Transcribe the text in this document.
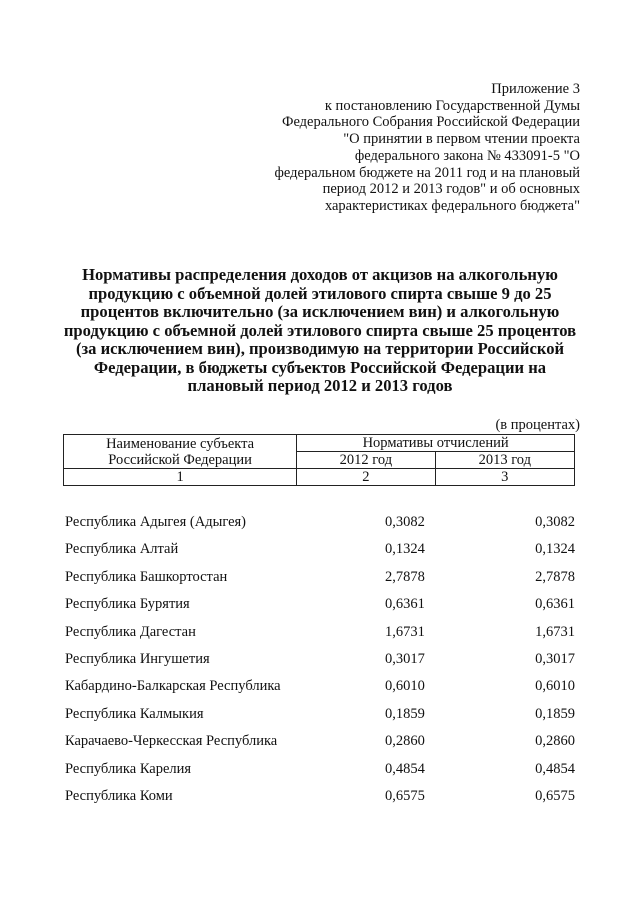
Приложение 3
к постановлению Государственной Думы
Федерального Собрания Российской Федерации
"О принятии в первом чтении проекта
федерального закона № 433091-5 "О
федеральном бюджете на 2011 год и на плановый
период 2012 и 2013 годов" и об основных
характеристиках федерального бюджета"
Нормативы распределения доходов от акцизов на алкогольную
продукцию с объемной долей этилового спирта свыше 9 до 25
процентов включительно (за исключением вин) и алкогольную
продукцию с объемной долей этилового спирта свыше 25 процентов
(за исключением вин), производимую на территории Российской
Федерации, в бюджеты субъектов Российской Федерации на
плановый период 2012 и 2013 годов
(в процентах)
Наименование субъекта
Российской Федерации	Нормативы отчислений	
	2012 год	2013 год
1	2	3
Республика Адыгея (Адыгея)	0,3082	0,3082
Республика Алтай	0,1324	0,1324
Республика Башкортостан	2,7878	2,7878
Республика Бурятия	0,6361	0,6361
Республика Дагестан	1,6731	1,6731
Республика Ингушетия	0,3017	0,3017
Кабардино-Балкарская Республика	0,6010	0,6010
Республика Калмыкия	0,1859	0,1859
Карачаево-Черкесская Республика	0,2860	0,2860
Республика Карелия	0,4854	0,4854
Республика Коми	0,6575	0,6575
